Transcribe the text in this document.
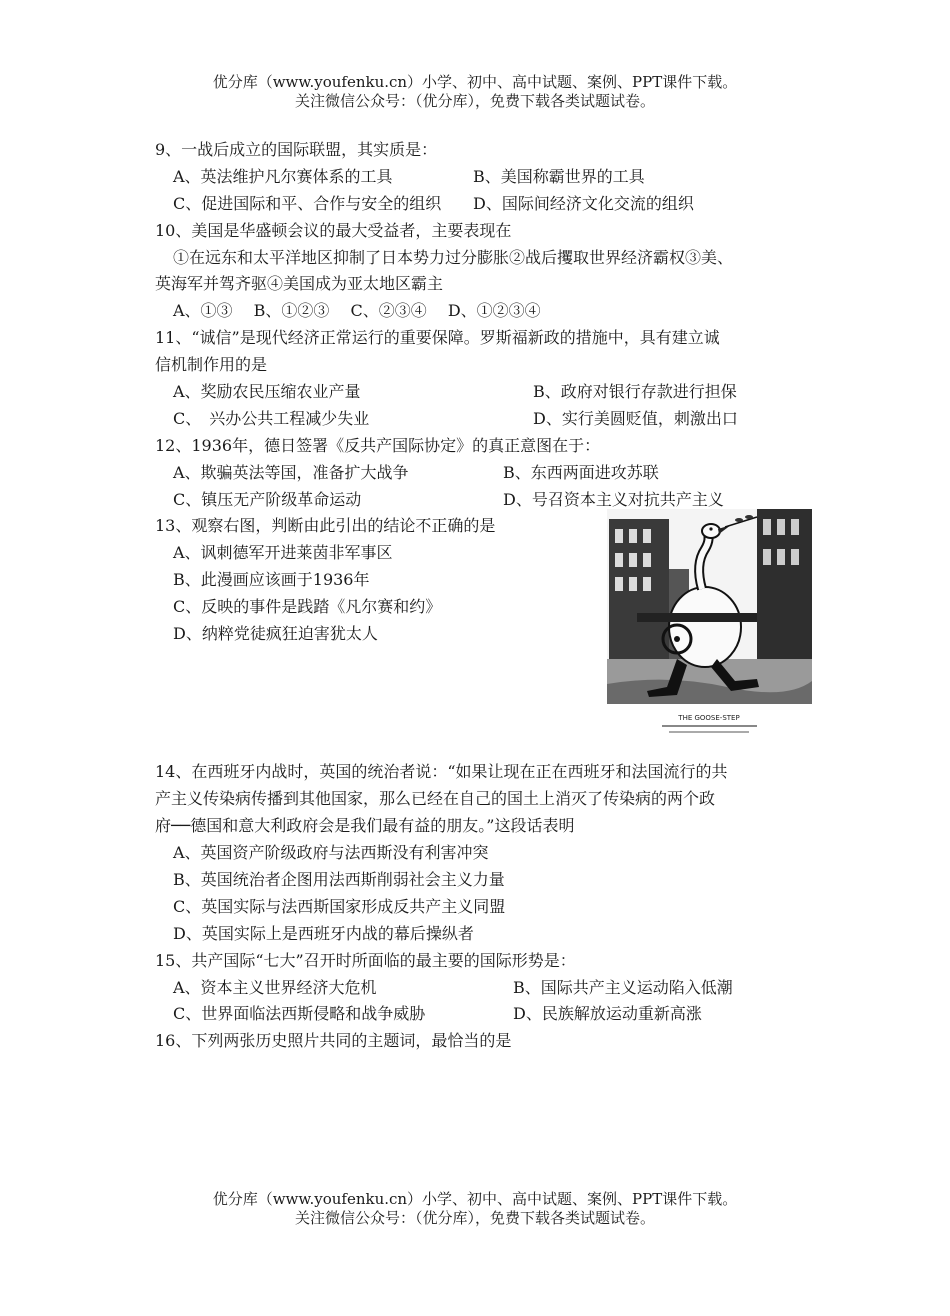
优分库（www.youfenku.cn）小学、初中、高中试题、案例、PPT课件下载。
关注微信公众号：（优分库），免费下载各类试题试卷。
9、一战后成立的国际联盟，其实质是：
A、英法维护凡尔赛体系的工具	B、美国称霸世界的工具
C、促进国际和平、合作与安全的组织	D、国际间经济文化交流的组织
10、美国是华盛顿会议的最大受益者，主要表现在
①在远东和太平洋地区抑制了日本势力过分膨胀②战后攫取世界经济霸权③美、
英海军并驾齐驱④美国成为亚太地区霸主
A、①③　 B、①②③　 C、②③④　 D、①②③④
11、“诚信”是现代经济正常运行的重要保障。罗斯福新政的措施中，具有建立诚
信机制作用的是
A、奖励农民压缩农业产量	B、政府对银行存款进行担保
C、　兴办公共工程减少失业	D、实行美圆贬值，刺激出口
12、1936年，德日签署《反共产国际协定》的真正意图在于：
A、欺骗英法等国，准备扩大战争	B、东西两面进攻苏联
C、镇压无产阶级革命运动	D、号召资本主义对抗共产主义
13、观察右图，判断由此引出的结论不正确的是
A、讽刺德军开进莱茵非军事区
B、此漫画应该画于1936年
C、反映的事件是践踏《凡尔赛和约》
D、纳粹党徒疯狂迫害犹太人
THE GOOSE-STEP
14、在西班牙内战时，英国的统治者说：“如果让现在正在西班牙和法国流行的共
产主义传染病传播到其他国家，那么已经在自己的国土上消灭了传染病的两个政
府──德国和意大利政府会是我们最有益的朋友。”这段话表明
A、英国资产阶级政府与法西斯没有利害冲突
B、英国统治者企图用法西斯削弱社会主义力量
C、英国实际与法西斯国家形成反共产主义同盟
D、英国实际上是西班牙内战的幕后操纵者
15、共产国际“七大”召开时所面临的最主要的国际形势是：
A、资本主义世界经济大危机	B、国际共产主义运动陷入低潮
C、世界面临法西斯侵略和战争威胁	D、民族解放运动重新高涨
16、下列两张历史照片共同的主题词，最恰当的是
优分库（www.youfenku.cn）小学、初中、高中试题、案例、PPT课件下载。
关注微信公众号：（优分库），免费下载各类试题试卷。
